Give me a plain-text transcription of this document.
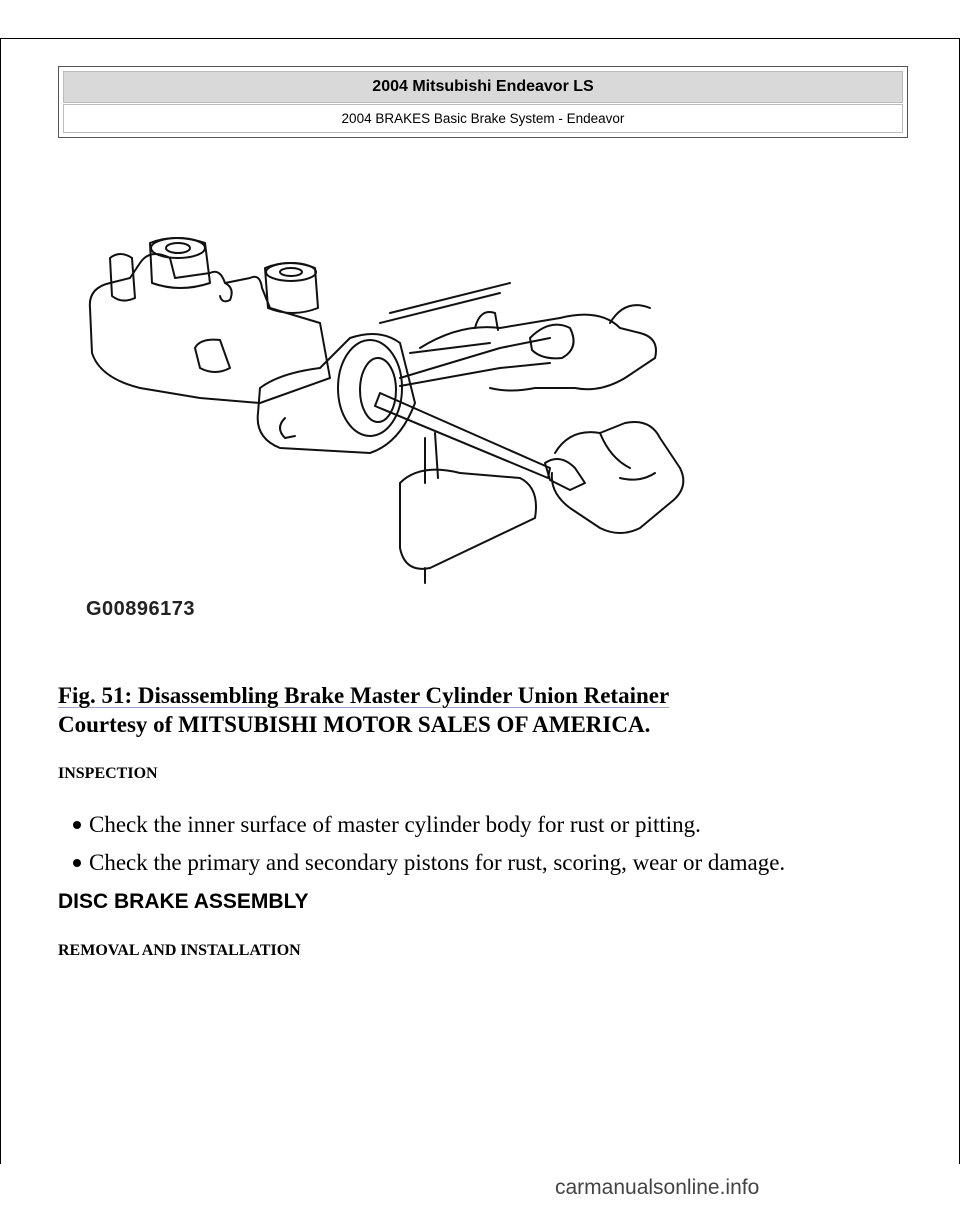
2004 Mitsubishi Endeavor LS
2004 BRAKES Basic Brake System - Endeavor
G00896173
Fig. 51: Disassembling Brake Master Cylinder Union Retainer
Courtesy of MITSUBISHI MOTOR SALES OF AMERICA.
INSPECTION
Check the inner surface of master cylinder body for rust or pitting.
Check the primary and secondary pistons for rust, scoring, wear or damage.
DISC BRAKE ASSEMBLY
REMOVAL AND INSTALLATION
carmanualsonline.info
